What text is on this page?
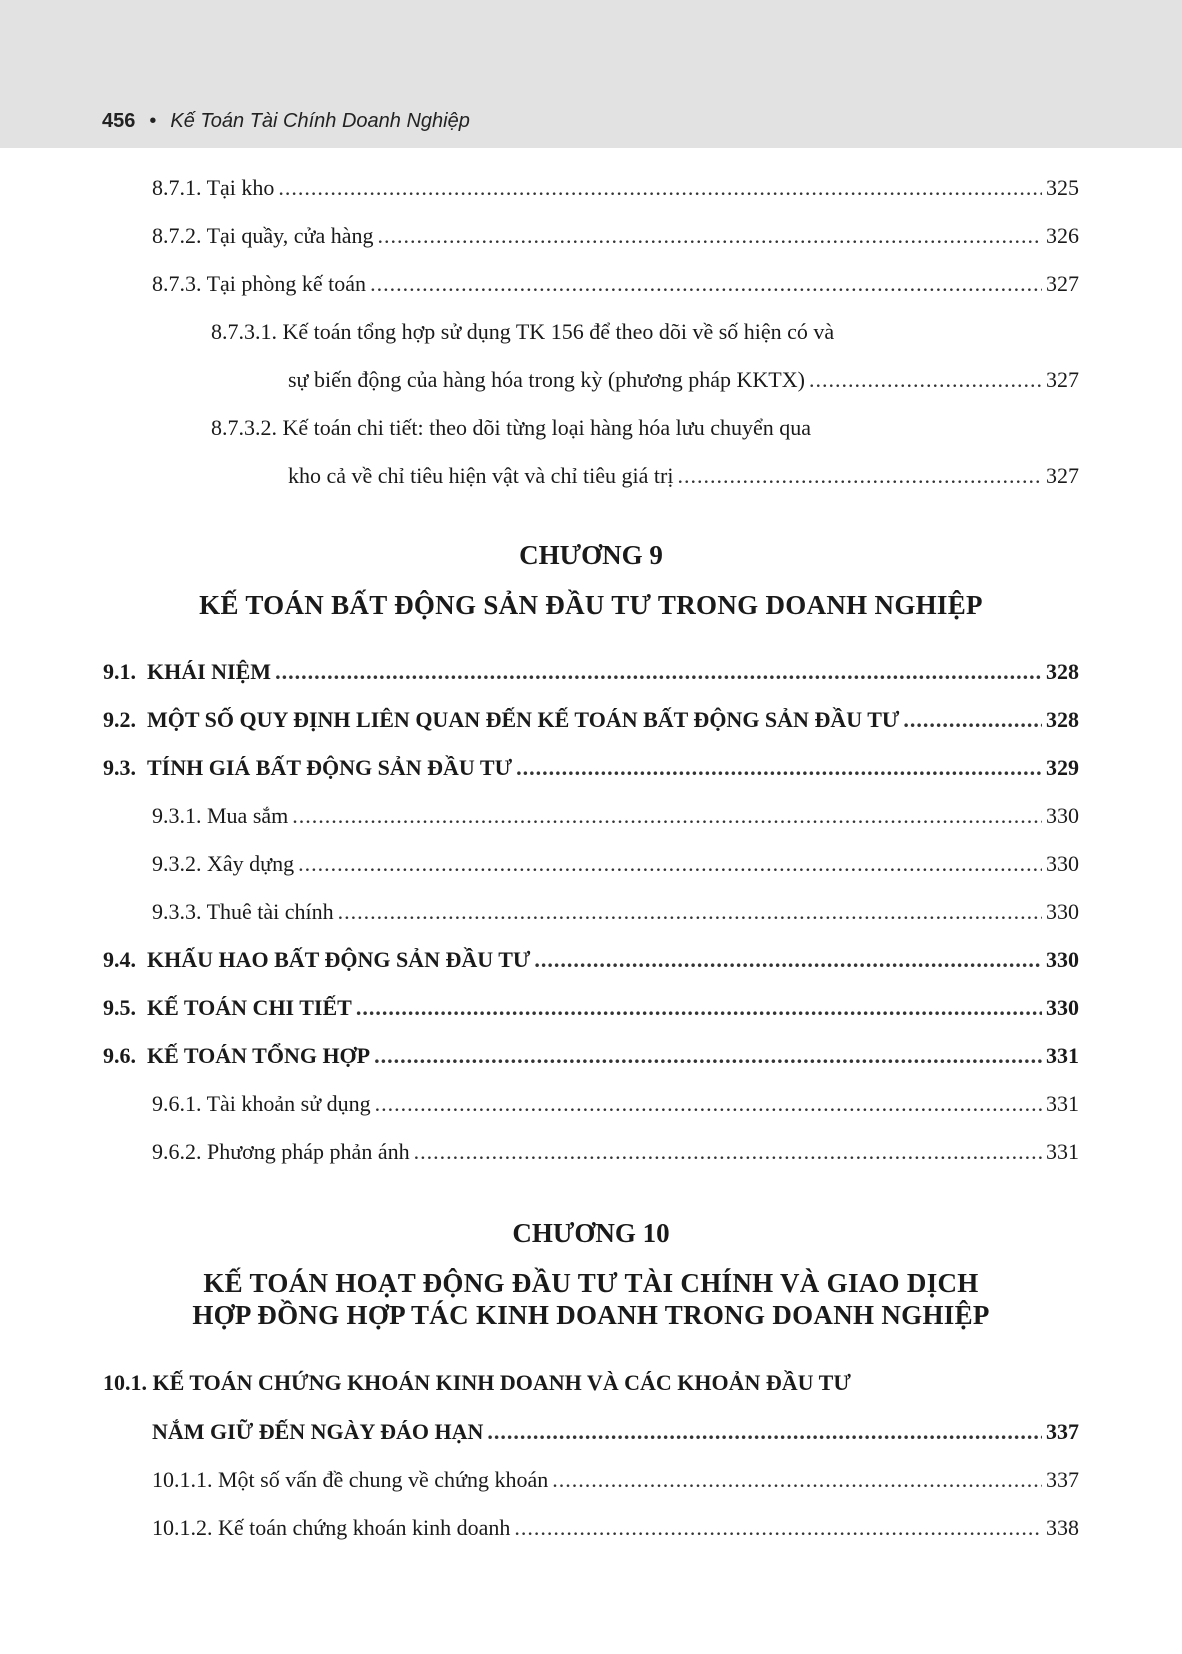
456 • Kế Toán Tài Chính Doanh Nghiệp
8.7.1. Tại kho .....	325
8.7.2. Tại quầy, cửa hàng .....	326
8.7.3. Tại phòng kế toán .....	327
8.7.3.1. Kế toán tổng hợp sử dụng TK 156 để theo dõi về số hiện có và
sự biến động của hàng hóa trong kỳ (phương pháp KKTX) .....	327
8.7.3.2. Kế toán chi tiết: theo dõi từng loại hàng hóa lưu chuyển qua
kho cả về chỉ tiêu hiện vật và chỉ tiêu giá trị .....	327
CHƯƠNG 9
KẾ TOÁN BẤT ĐỘNG SẢN ĐẦU TƯ TRONG DOANH NGHIỆP
9.1. KHÁI NIỆM .....	328
9.2. MỘT SỐ QUY ĐỊNH LIÊN QUAN ĐẾN KẾ TOÁN BẤT ĐỘNG SẢN ĐẦU TƯ .....	328
9.3. TÍNH GIÁ BẤT ĐỘNG SẢN ĐẦU TƯ .....	329
9.3.1. Mua sắm .....	330
9.3.2. Xây dựng .....	330
9.3.3. Thuê tài chính .....	330
9.4. KHẤU HAO BẤT ĐỘNG SẢN ĐẦU TƯ .....	330
9.5. KẾ TOÁN CHI TIẾT .....	330
9.6. KẾ TOÁN TỔNG HỢP .....	331
9.6.1. Tài khoản sử dụng .....	331
9.6.2. Phương pháp phản ánh .....	331
CHƯƠNG 10
KẾ TOÁN HOẠT ĐỘNG ĐẦU TƯ TÀI CHÍNH VÀ GIAO DỊCH
HỢP ĐỒNG HỢP TÁC KINH DOANH TRONG DOANH NGHIỆP
10.1. KẾ TOÁN CHỨNG KHOÁN KINH DOANH VÀ CÁC KHOẢN ĐẦU TƯ
NẮM GIỮ ĐẾN NGÀY ĐÁO HẠN .....	337
10.1.1. Một số vấn đề chung về chứng khoán .....	337
10.1.2. Kế toán chứng khoán kinh doanh .....	338
